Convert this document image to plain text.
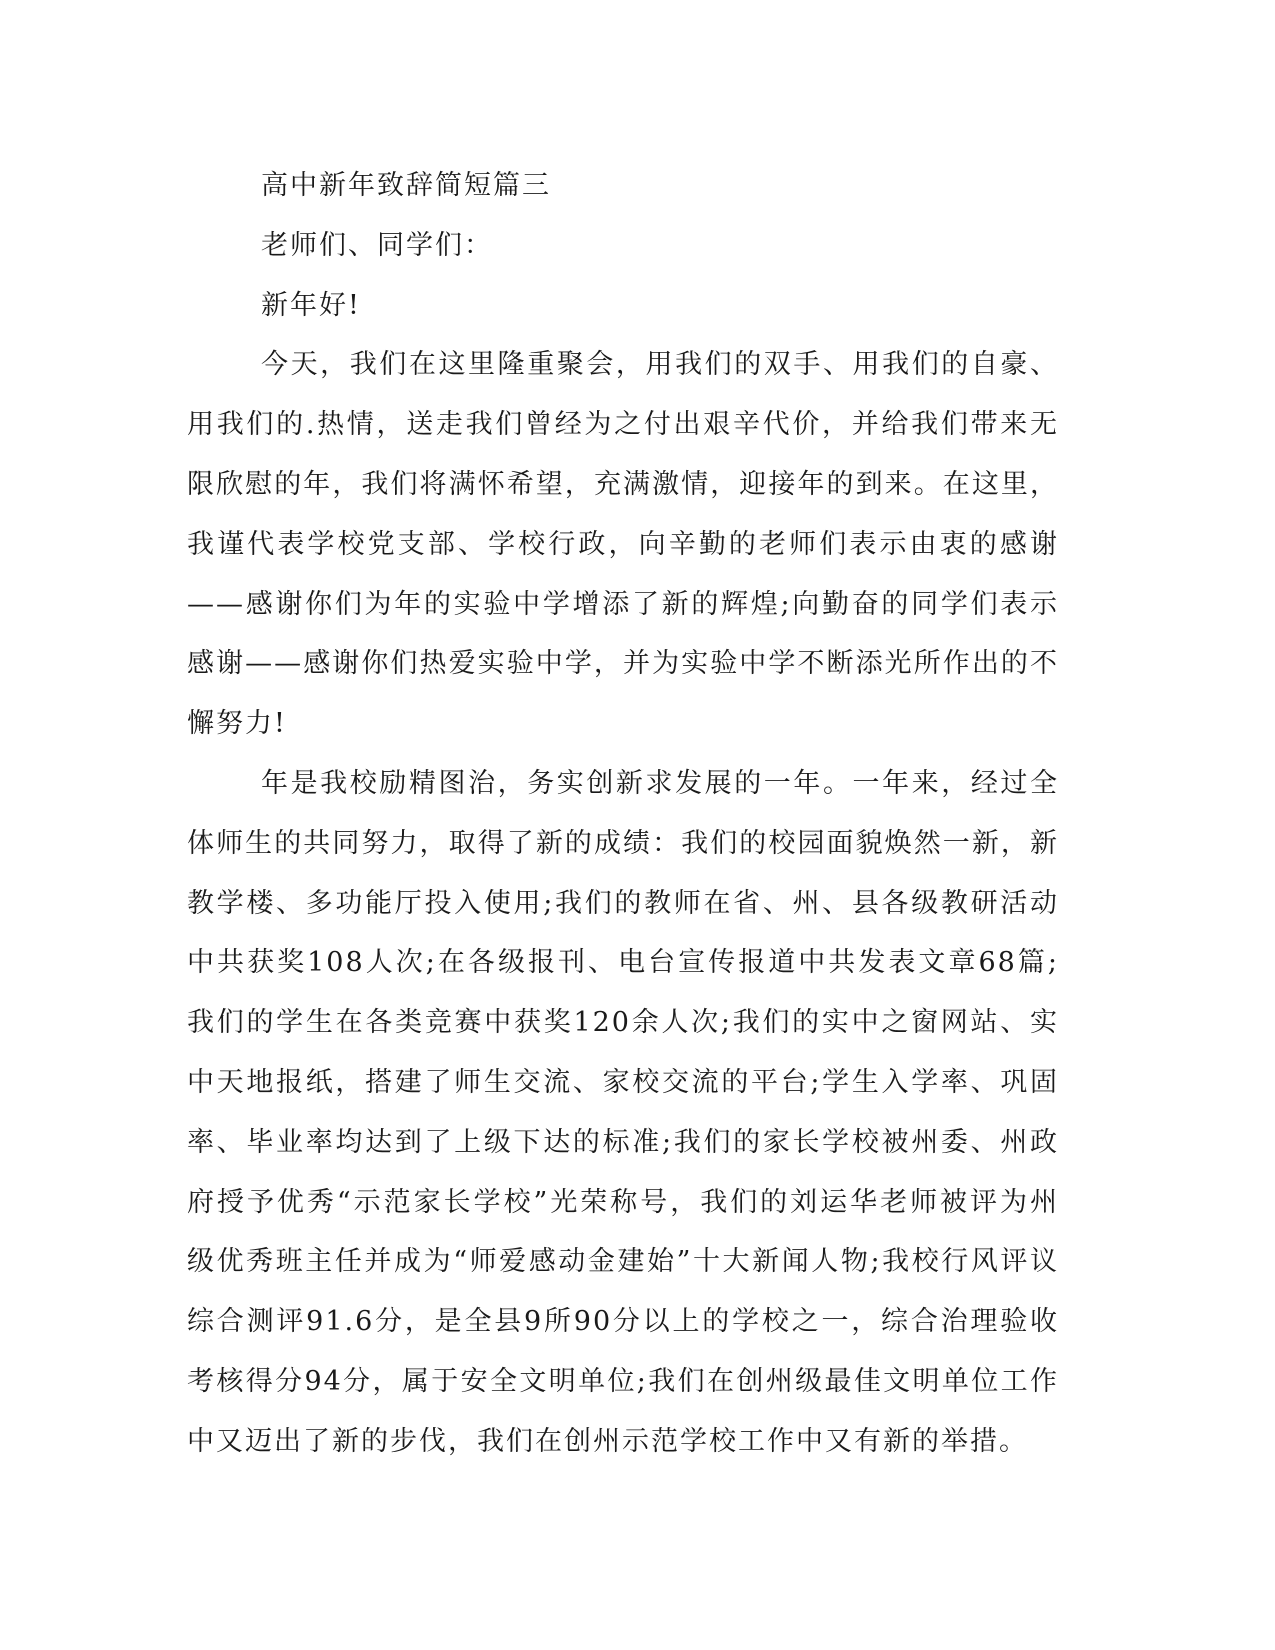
高中新年致辞简短篇三

老师们、同学们：

新年好!

今天，我们在这里隆重聚会，用我们的双手、用我们的自豪、用我们的.热情，送走我们曾经为之付出艰辛代价，并给我们带来无限欣慰的年，我们将满怀希望，充满激情，迎接年的到来。在这里，我谨代表学校党支部、学校行政，向辛勤的老师们表示由衷的感谢——感谢你们为年的实验中学增添了新的辉煌;向勤奋的同学们表示感谢——感谢你们热爱实验中学，并为实验中学不断添光所作出的不懈努力!

年是我校励精图治，务实创新求发展的一年。一年来，经过全体师生的共同努力，取得了新的成绩：我们的校园面貌焕然一新，新教学楼、多功能厅投入使用;我们的教师在省、州、县各级教研活动中共获奖108人次;在各级报刊、电台宣传报道中共发表文章68篇;我们的学生在各类竞赛中获奖120余人次;我们的实中之窗网站、实中天地报纸，搭建了师生交流、家校交流的平台;学生入学率、巩固率、毕业率均达到了上级下达的标准;我们的家长学校被州委、州政府授予优秀“示范家长学校”光荣称号，我们的刘运华老师被评为州级优秀班主任并成为“师爱感动金建始”十大新闻人物;我校行风评议综合测评91.6分，是全县9所90分以上的学校之一，综合治理验收考核得分94分，属于安全文明单位;我们在创州级最佳文明单位工作中又迈出了新的步伐，我们在创州示范学校工作中又有新的举措。
